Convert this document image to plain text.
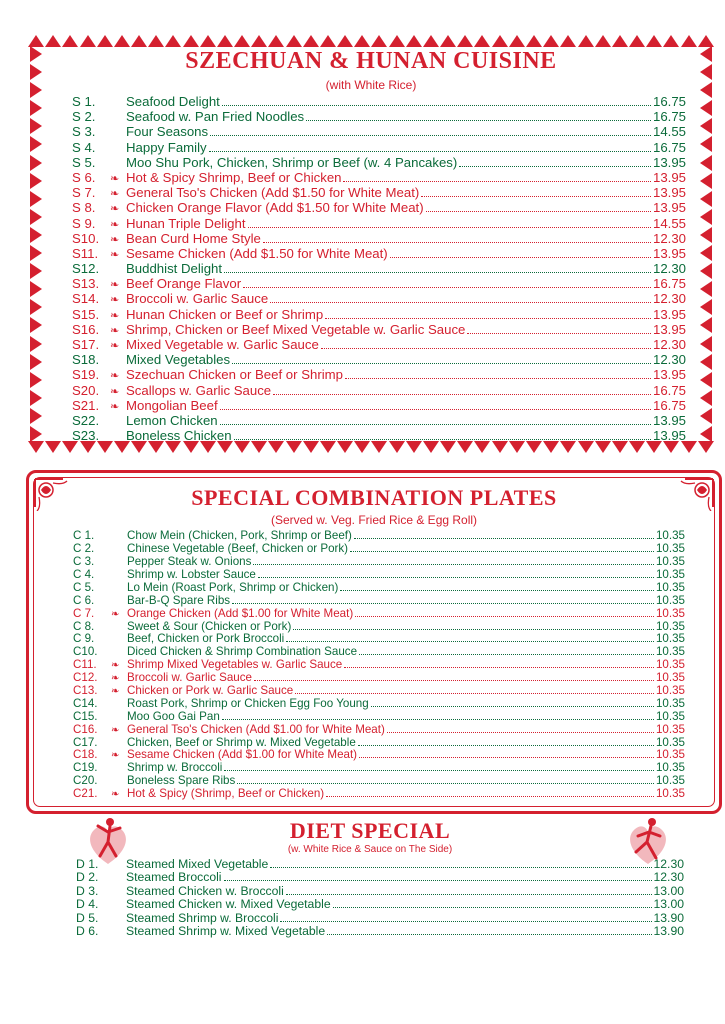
SZECHUAN & HUNAN CUISINE
(with White Rice)
S 1.	Seafood Delight	16.75
S 2.	Seafood w. Pan Fried Noodles	16.75
S 3.	Four Seasons	14.55
S 4.	Happy Family	16.75
S 5.	Moo Shu Pork, Chicken, Shrimp or Beef (w. 4 Pancakes)	13.95
S 6.	❧ Hot & Spicy Shrimp, Beef or Chicken	13.95
S 7.	❧ General Tso's Chicken (Add $1.50 for White Meat)	13.95
S 8.	❧ Chicken Orange Flavor (Add $1.50 for White Meat)	13.95
S 9.	❧ Hunan Triple Delight	14.55
S10. ❧ Bean Curd Home Style	12.30
S11.	❧ Sesame Chicken (Add $1.50 for White Meat)	13.95
S12.	Buddhist Delight	12.30
S13. ❧ Beef Orange Flavor	16.75
S14. ❧ Broccoli w. Garlic Sauce	12.30
S15. ❧ Hunan Chicken or Beef or Shrimp	13.95
S16. ❧ Shrimp, Chicken or Beef Mixed Vegetable w. Garlic Sauce	13.95
S17. ❧ Mixed Vegetable w. Garlic Sauce	12.30
S18.	Mixed Vegetables	12.30
S19. ❧ Szechuan Chicken or Beef or Shrimp	13.95
S20. ❧ Scallops w. Garlic Sauce	16.75
S21. ❧ Mongolian Beef	16.75
S22.	Lemon Chicken	13.95
S23.	Boneless Chicken	13.95
SPECIAL COMBINATION PLATES
(Served w. Veg. Fried Rice & Egg Roll)
C 1.	Chow Mein (Chicken, Pork, Shrimp or Beef)	10.35
C 2.	Chinese Vegetable (Beef, Chicken or Pork)	10.35
C 3.	Pepper Steak w. Onions	10.35
C 4.	Shrimp w. Lobster Sauce	10.35
C 5.	Lo Mein (Roast Pork, Shrimp or Chicken)	10.35
C 6.	Bar-B-Q Spare Ribs	10.35
C 7.	❧ Orange Chicken (Add $1.00 for White Meat)	10.35
C 8.	Sweet & Sour (Chicken or Pork)	10.35
C 9.	Beef, Chicken or Pork Broccoli	10.35
C10.	Diced Chicken & Shrimp Combination Sauce	10.35
C11.	❧ Shrimp Mixed Vegetables w. Garlic Sauce	10.35
C12.	❧ Broccoli w. Garlic Sauce	10.35
C13.	❧ Chicken or Pork w. Garlic Sauce	10.35
C14.	Roast Pork, Shrimp or Chicken Egg Foo Young	10.35
C15.	Moo Goo Gai Pan	10.35
C16.	❧ General Tso's Chicken (Add $1.00 for White Meat)	10.35
C17.	Chicken, Beef or Shrimp w. Mixed Vegetable	10.35
C18.	❧ Sesame Chicken (Add $1.00 for White Meat)	10.35
C19.	Shrimp w. Broccoli	10.35
C20.	Boneless Spare Ribs	10.35
C21.	❧ Hot & Spicy (Shrimp, Beef or Chicken)	10.35
DIET SPECIAL
(w. White Rice & Sauce on The Side)
D 1.	Steamed Mixed Vegetable	12.30
D 2.	Steamed Broccoli	12.30
D 3.	Steamed Chicken w. Broccoli	13.00
D 4.	Steamed Chicken w. Mixed Vegetable	13.00
D 5.	Steamed Shrimp w. Broccoli	13.90
D 6.	Steamed Shrimp w. Mixed Vegetable	13.90
